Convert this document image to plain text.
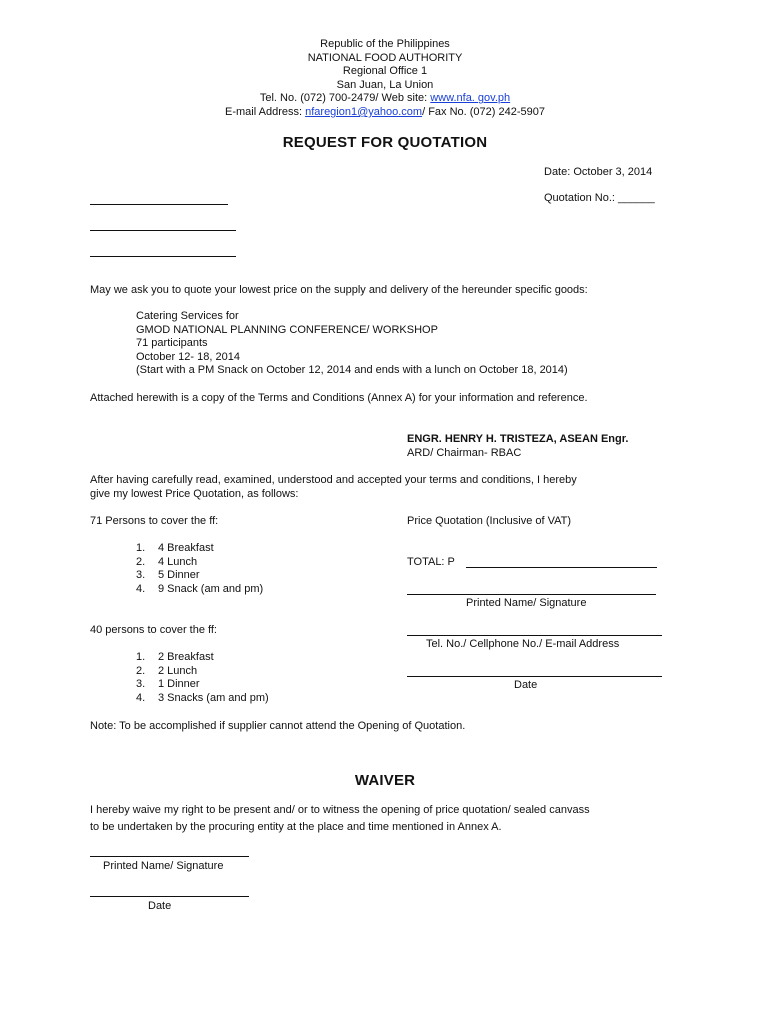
Republic of the Philippines
NATIONAL FOOD AUTHORITY
Regional Office 1
San Juan, La Union
Tel. No. (072) 700-2479/ Web site: www.nfa. gov.ph
E-mail Address: nfaregion1@yahoo.com/ Fax No. (072) 242-5907
REQUEST FOR QUOTATION
Date: October 3, 2014
Quotation No.: ______
May we ask you to quote your lowest price on the supply and delivery of the hereunder specific goods:
Catering Services for
GMOD NATIONAL PLANNING CONFERENCE/ WORKSHOP
71 participants
October 12- 18, 2014
(Start with a PM Snack on October 12, 2014 and ends with a lunch on October 18, 2014)
Attached herewith is a copy of the Terms and Conditions (Annex A) for your information and reference.
ENGR. HENRY H. TRISTEZA, ASEAN Engr.
ARD/ Chairman- RBAC
After having carefully read, examined, understood and accepted your terms and conditions, I hereby
give my lowest Price Quotation, as follows:
71 Persons to cover the ff:
1. 4 Breakfast
2. 4 Lunch
3. 5 Dinner
4. 9 Snack (am and pm)
40 persons to cover the ff:
1. 2 Breakfast
2. 2 Lunch
3. 1 Dinner
4. 3 Snacks (am and pm)
Price Quotation (Inclusive of VAT)
TOTAL: P
Printed Name/ Signature
Tel. No./ Cellphone No./ E-mail Address
Date
Note: To be accomplished if supplier cannot attend the Opening of Quotation.
WAIVER
I hereby waive my right to be present and/ or to witness the opening of price quotation/ sealed canvass
to be undertaken by the procuring entity at the place and time mentioned in Annex A.
Printed Name/ Signature
Date
